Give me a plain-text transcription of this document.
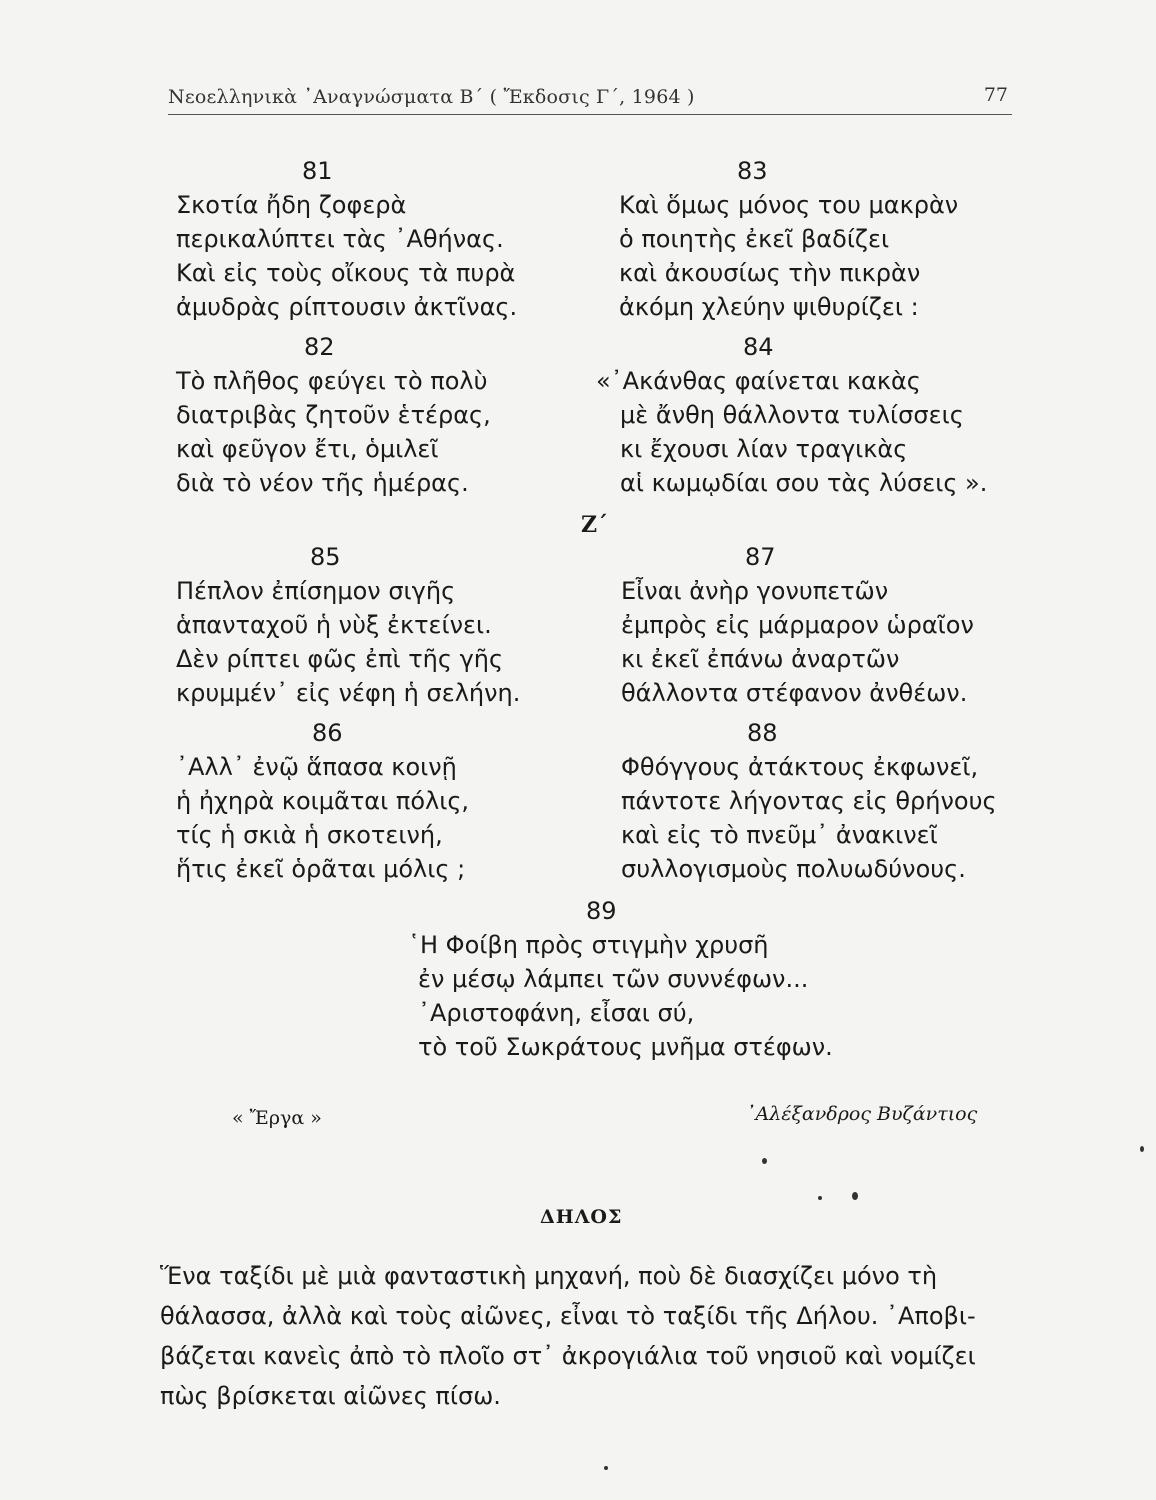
Νεοελληνικὰ ᾿Αναγνώσματα Β΄ ( Ἔκδοσις Γ΄, 1964 )	77
81
Σκοτία ἤδη ζοφερὰ
περικαλύπτει τὰς ᾿Αθήνας.
Καὶ εἰς τοὺς οἴκους τὰ πυρὰ
ἀμυδρὰς ρίπτουσιν ἀκτῖνας.
82
Τὸ πλῆθος φεύγει τὸ πολὺ
διατριβὰς ζητοῦν ἑτέρας,
καὶ φεῦγον ἔτι, ὁμιλεῖ
διὰ τὸ νέον τῆς ἡμέρας.
83
Καὶ ὅμως μόνος του μακρὰν
ὁ ποιητὴς ἐκεῖ βαδίζει
καὶ ἀκουσίως τὴν πικρὰν
ἀκόμη χλεύην ψιθυρίζει :
84
«᾿Ακάνθας φαίνεται κακὰς
μὲ ἄνθη θάλλοντα τυλίσσεις
κι ἔχουσι λίαν τραγικὰς
αἱ κωμῳδίαι σου τὰς λύσεις ».
Ζ΄
85
Πέπλον ἐπίσημον σιγῆς
ἁπανταχοῦ ἡ νὺξ ἐκτείνει.
Δὲν ρίπτει φῶς ἐπὶ τῆς γῆς
κρυμμέν᾿ εἰς νέφη ἡ σελήνη.
86
᾿Αλλ᾿ ἐνῷ ἅπασα κοινῇ
ἡ ἠχηρὰ κοιμᾶται πόλις,
τίς ἡ σκιὰ ἡ σκοτεινή,
ἥτις ἐκεῖ ὁρᾶται μόλις ;
87
Εἶναι ἀνὴρ γονυπετῶν
ἐμπρὸς εἰς μάρμαρον ὡραῖον
κι ἐκεῖ ἐπάνω ἀναρτῶν
θάλλοντα στέφανον ἀνθέων.
88
Φθόγγους ἀτάκτους ἐκφωνεῖ,
πάντοτε λήγοντας εἰς θρήνους
καὶ εἰς τὸ πνεῦμ᾿ ἀνακινεῖ
συλλογισμοὺς πολυωδύνους.
89
῾Η Φοίβη πρὸς στιγμὴν χρυσῆ
ἐν μέσῳ λάμπει τῶν συννέφων...
᾿Αριστοφάνη, εἶσαι σύ,
τὸ τοῦ Σωκράτους μνῆμα στέφων.
« Ἔργα »	᾿Αλέξανδρος Βυζάντιος
ΔΗΛΟΣ
Ἕνα ταξίδι μὲ μιὰ φανταστικὴ μηχανή, ποὺ δὲ διασχίζει μόνο τὴ
θάλασσα, ἀλλὰ καὶ τοὺς αἰῶνες, εἶναι τὸ ταξίδι τῆς Δήλου. ᾿Αποβι-
βάζεται κανεὶς ἀπὸ τὸ πλοῖο στ᾿ ἀκρογιάλια τοῦ νησιοῦ καὶ νομίζει
πὼς βρίσκεται αἰῶνες πίσω.
